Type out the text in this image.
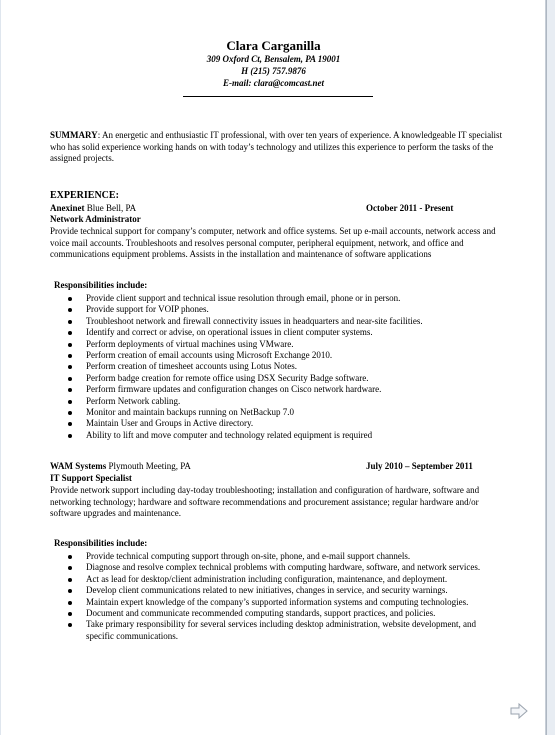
Clara Carganilla
309 Oxford Ct, Bensalem, PA 19001
H (215) 757.9876
E-mail: clara@comcast.net
SUMMARY: An energetic and enthusiastic IT professional, with over ten years of experience. A knowledgeable IT specialist who has solid experience working hands on with today’s technology and utilizes this experience to perform the tasks of the assigned projects.
EXPERIENCE:
Anexinet Blue Bell, PA	October 2011 - Present
Network Administrator
Provide technical support for company’s computer, network and office systems. Set up e-mail accounts, network access and voice mail accounts. Troubleshoots and resolves personal computer, peripheral equipment, network, and office and communications equipment problems. Assists in the installation and maintenance of software applications
Responsibilities include:
Provide client support and technical issue resolution through email, phone or in person.
Provide support for VOIP phones.
Troubleshoot network and firewall connectivity issues in headquarters and near-site facilities.
Identify and correct or advise, on operational issues in client computer systems.
Perform deployments of virtual machines using VMware.
Perform creation of email accounts using Microsoft Exchange 2010.
Perform creation of timesheet accounts using Lotus Notes.
Perform badge creation for remote office using DSX Security Badge software.
Perform firmware updates and configuration changes on Cisco network hardware.
Perform Network cabling.
Monitor and maintain backups running on NetBackup 7.0
Maintain User and Groups in Active directory.
Ability to lift and move computer and technology related equipment is required
WAM Systems Plymouth Meeting, PA	July 2010 – September 2011
IT Support Specialist
Provide network support including day-today troubleshooting; installation and configuration of hardware, software and networking technology; hardware and software recommendations and procurement assistance; regular hardware and/or software upgrades and maintenance.
Responsibilities include:
Provide technical computing support through on-site, phone, and e-mail support channels.
Diagnose and resolve complex technical problems with computing hardware, software, and network services.
Act as lead for desktop/client administration including configuration, maintenance, and deployment.
Develop client communications related to new initiatives, changes in service, and security warnings.
Maintain expert knowledge of the company’s supported information systems and computing technologies.
Document and communicate recommended computing standards, support practices, and policies.
Take primary responsibility for several services including desktop administration, website development, and specific communications.
